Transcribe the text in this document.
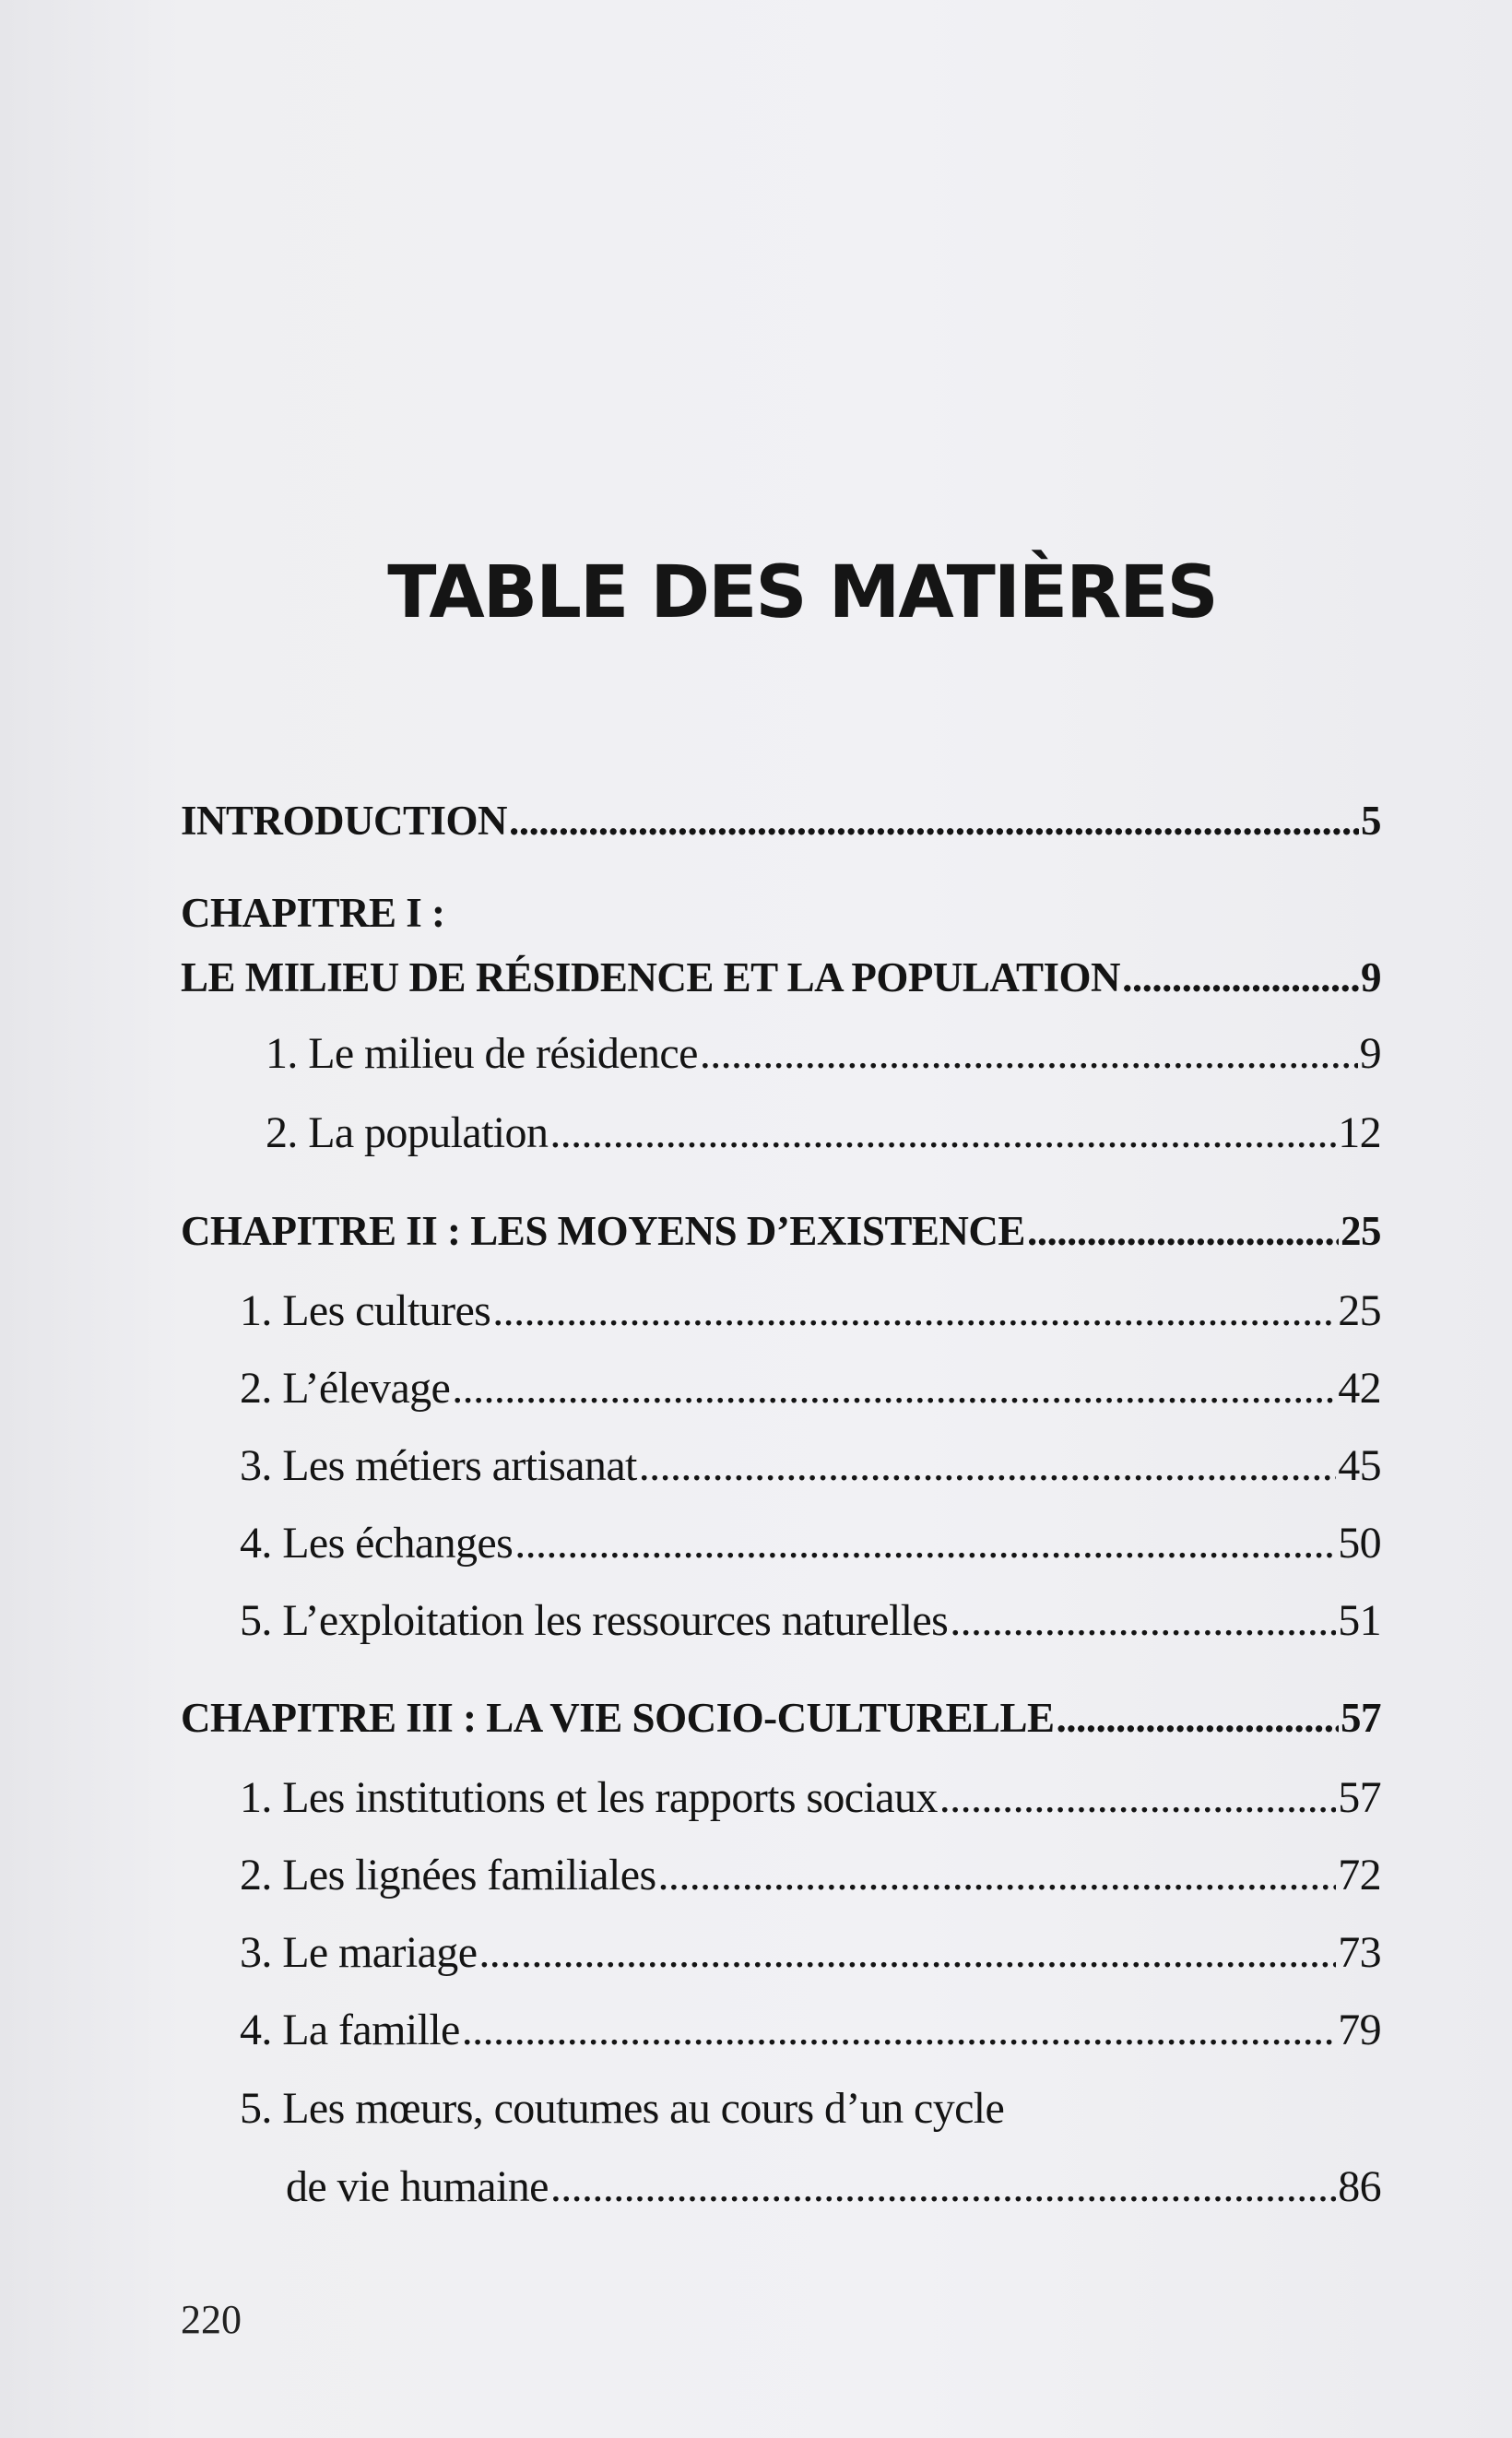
TABLE DES MATIÈRES
INTRODUCTION .....	5
CHAPITRE I :
LE MILIEU DE RÉSIDENCE ET LA POPULATION .....	9
1. Le milieu de résidence .....	9
2. La population .....	12
CHAPITRE II : LES MOYENS D’EXISTENCE .....	25
1. Les cultures .....	25
2. L’élevage .....	42
3. Les métiers artisanat .....	45
4. Les échanges .....	50
5. L’exploitation les ressources naturelles .....	51
CHAPITRE III : LA VIE SOCIO-CULTURELLE .....	57
1. Les institutions et les rapports sociaux .....	57
2. Les lignées familiales .....	72
3. Le mariage .....	73
4. La famille .....	79
5. Les mœurs, coutumes au cours d’un cycle
de vie humaine .....	86
220
